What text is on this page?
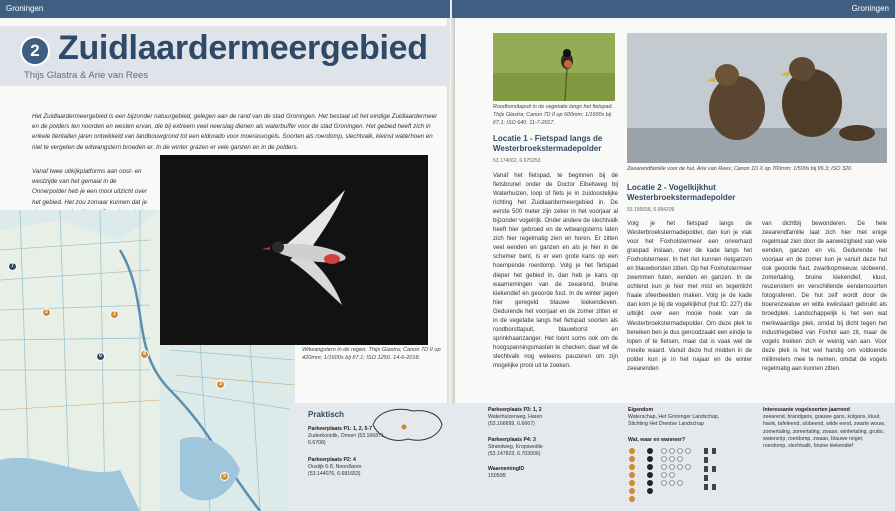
Groningen	Groningen
2 Zuidlaardermeergebied
Thijs Glastra & Arie van Rees
Het Zuidlaardermeergebied is een bijzonder natuurgebied, gelegen aan de rand van de stad Groningen. Het bestaat uit het eindige Zuidlaardermeer en de polders ten noorden en westen ervan, die bij extreem veel neerslag dienen als waterbuffer voor de stad Groningen. Het gebied heeft zich in enkele tientallen jaren ontwikkeld van landbouwgrond tot een eldorado voor moerasvogels. Soorten als roerdomp, slechtvalk, kleinst waterhoen en niet te vergeten de witwangstern broeden er. In de winter grazen er vele ganzen en in de polders.
Vanaf twee uitkijkplatforms aan oost- en westzijde van het gemaal in de Onnerpolder heb je een mooi uitzicht over het gebied. Het zou zomaar kunnen dat je
1
2
3
4
5
6
7
Witwangstern in de regen. Thijs Glastra; Canon 7D II op 420mm; 1/1600s bij f/7.1; ISO 1250. 14-6-2018.
Praktisch
Parkeerplaats P1: 1, 2, 5-7
Zuderkooidik, Onnen (53.166871, 6.6708)
Parkeerplaats P2: 4
Oostijk 6-8, Noordlaren (53.144076, 6.681653)
Parkeerplaats P3: 1, 2
Waterhuizerweg, Haren (53.166699, 6.6667)
Parkeerplaats P4: 3
Strandweg, Kropswolde (53.147823, 6.703006)
WaarnemingID
15050B
Eigendom
Waterschap, Het Groninger Landschap, Stichting Het Drentse Landschap
Wat, waar en wanneer?
Interessante vogelsoorten jaarrond
zeearend, brandgans, grauwe gans, kolgans, kluut, havik, tafeleend, slobeend, wilde eend, zwarte wouw, zomertaling, zomertaling, zwaan, wintertaling, grutto, watersnip, roerdomp, zwaan, blauwe reiger, roerdomp, slechtvalk, bruine kiekendief
Roodborsttapuit in de vegetatie langs het fietspad. Thijs Glastra; Canon 7D II op 600mm; 1/1600s bij f/7.1; ISO 640. 11-7-2017.
Zeearendfamilie voor de hut. Arie van Rees; Canon 1D X op 700mm; 1/500s bij f/6.3; ISO 320.
Locatie 1 - Fietspad langs de Westerbroekstermadepolder
53.174062, 6.675253
Vanaf het fietspad, te beginnen bij de fietsbrunel onder de Doctor Eibelsweg bij Waterhuizen, loop of fiets je in zuidoostelijke richting het Zuidlaardermeergebied in. De eerste 500 meter zijn zeker in het voorjaar al bijzonder vogelrijk. Onder andere de slechtvalk heeft hier gebroed en de witwangsterns laten zich hier regelmatig zien en horen. Er zitten veel eenden en ganzen en als je hier in de schemer bent, is er een grote kans op een hoempende roerdomp. Volg je het fietspad dieper het gebied in, dan heb je kans op waarnemingen van de zeearend, bruine kiekendief en geoorde fuut. In de winter jagen hier geregeld blauwe kiekendieven. Gedurende het voorjaar en de zomer zitten er in de vegetatie langs het fietspad soorten als roodborsttapuit, blauwborst en sprinkhaanzanger. Het loont soms ook om de hoogspanningsmasten te checken; daar wil de slechtvalk nog weleens pauzeren om zijn mogelijke prooi uit te zoeken.
Locatie 2 - Vogelkijkhut Westerbroekstermadepolder
53.166658, 6.684209
Volg je het fietspad langs de Westerbroekstermadepolder, dan kun je vlak voor het Foxholstermeer een onverhard graspad inslaan, over de kade langs het Foxholstermeer. In het riet kunnen rietganzen en blauwborsten zitten. Op het Foxholstermeer zwemmen futen, eenden en ganzen. In de ochtend kun je hier met mist en tegenlicht fraaie sfeerbeelden maken. Volg je de kade dan kom je bij de vogelkijkhut (hut ID: 227) die uitkijkt over een mooie hoek van de Westerbroekstermadepolder. Om deze plek te bereiken ben je dus genoodzaakt een eindje te lopen of te fietsen, maar dat is vaak wel de moeite waard. Vanuit deze hut midden in de polder kun je in het najaar en de winter zeearenden
van dichtbij bewonderen. De hele zeearendfamilie laat zich hier met enige regelmaat zien door de aanwezigheid van vele eenden, ganzen en vis. Gedurende het voorjaar en de zomer kun je vanuit deze hut ook geoorde fuut, zwartkopmeeuw, slobeend, zomertaling, bruine kiekendief, kluut, reuzenstern en verschillende eendensoorten fotograferen. De hut zelf wordt door de boerenzwaluw en witte kwikstaart gebruikt als broedplek. Landschappelijk is het een wat merkwaardige plek, omdat bij dicht tegen het industriegebied van Foxhol aan zit, maar de vogels trekken zich er weinig van aan. Voor deze plek is het wel handig om voldoende millimeters mee te nemen, omdat de vogels regelmatig aan kunnen zitten.
